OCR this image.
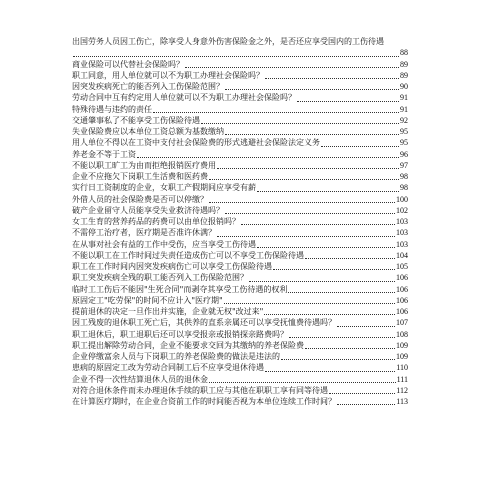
出国劳务人员因工伤亡，除享受人身意外伤害保险金之外，是否还应享受国内的工伤待遇
88
商业保险可以代替社会保险吗？	89
职工同意，用人单位就可以不为职工办理社会保险吗？	89
因突发疾病死亡的能否列入工伤保险范围？	90
劳动合同中互有约定用人单位就可以不为职工办理社会保险吗？	91
特殊待遇与违约的责任	91
交通肇事私了不能享受工伤保险待遇	92
失业保险费应以本单位工资总额为基数缴纳	95
用人单位不得以在工资中支付社会保险费的形式逃避社会保险法定义务	95
养老金不等于工资	96
不能以职工旷工为由而拒绝报销医疗费用	97
企业不应拖欠下岗职工生活费和医药费	98
实行日工资制度的企业，女职工产假期间应享受有薪	98
外借人员的社会保险费是否可以停缴？	100
破产企业留守人员能享受失业救济待遇吗？	102
女工生育的营养药品的药费可以由单位报销吗？	103
不需停工治疗者，医疗期是否准许休满？	103
在从事对社会有益的工作中受伤，应当享受工伤待遇	103
不能以职工在工作时间过失责任造成伤亡可以不享受工伤保险待遇	104
职工在工作时间内因突发疾病伤亡可以享受工伤保险待遇	105
职工突发疾病全残的职工能否列入工伤保险范围？	106
临时工工伤后不能因"生死合同"而剥夺其享受工伤待遇的权利	106
原固定工"吃劳保"的时间不应计入"医疗期"	106
提前退休的决定一旦作出并实施，企业就无权"改过来"	106
因工残废的退休职工死亡后，其供养的直系亲属还可以享受抚恤费待遇吗？	107
职工退休后，职工退职后还可以享受报亲或报销探亲路费吗？	108
职工提出解除劳动合同，企业不能要求交回为其缴纳的养老保险费	109
企业停缴富余人员与下岗职工的养老保险费的做法是违法的	109
患病的原固定工改为劳动合同制工后不应享受退休待遇	110
企业不得一次性结算退休人员的退休金	111
对符合退休条件而未办理退休手续的职工应与其他在职职工享有同等待遇	112
在计算医疗期时，在企业合资前工作的时间能否视为本单位连续工作时间？	113
